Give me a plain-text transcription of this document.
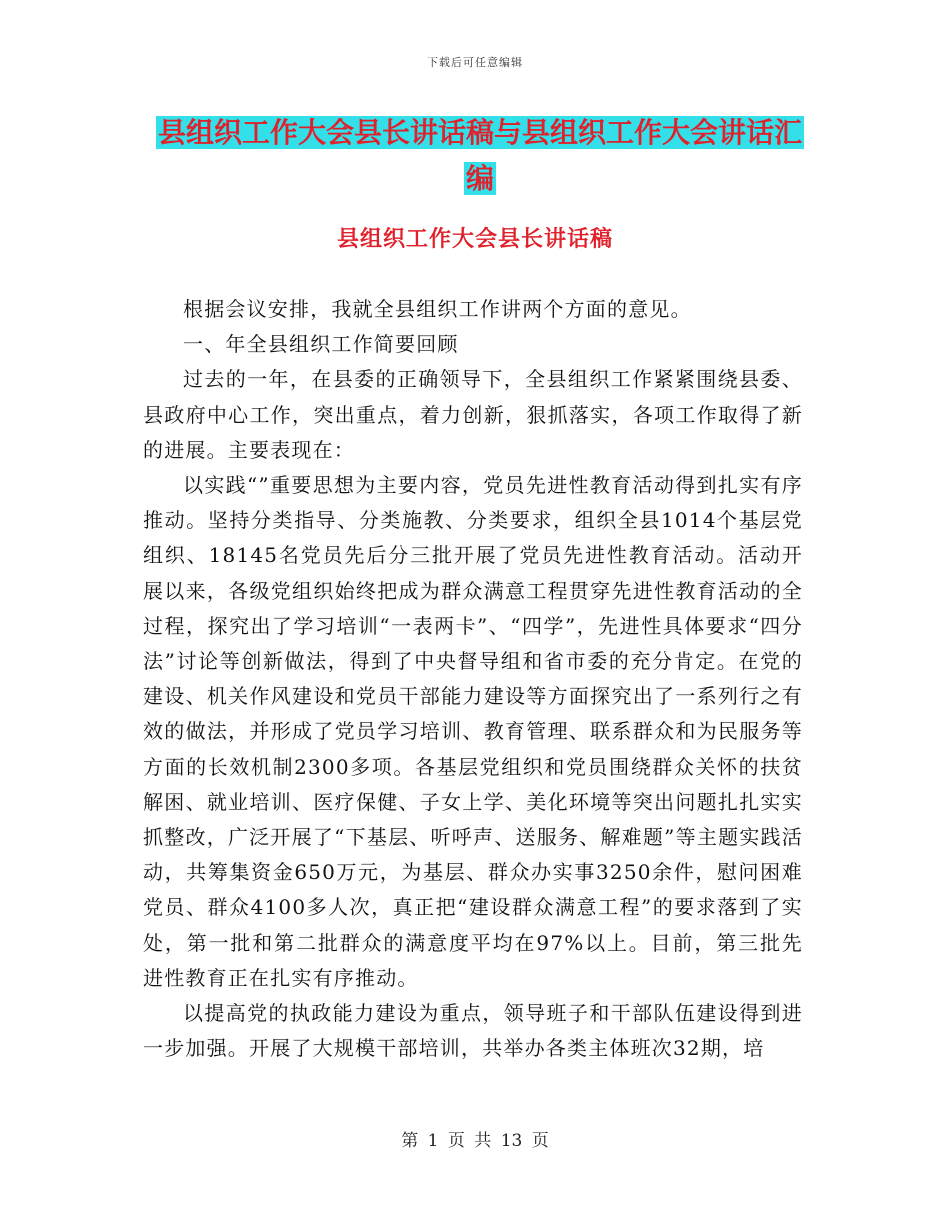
下载后可任意编辑
县组织工作大会县长讲话稿与县组织工作大会讲话汇
编
县组织工作大会县长讲话稿

根据会议安排，我就全县组织工作讲两个方面的意见。

一、年全县组织工作简要回顾

过去的一年，在县委的正确领导下，全县组织工作紧紧围绕县委、县政府中心工作，突出重点，着力创新，狠抓落实，各项工作取得了新的进展。主要表现在：

以实践“”重要思想为主要内容，党员先进性教育活动得到扎实有序推动。坚持分类指导、分类施教、分类要求，组织全县1014个基层党组织、18145名党员先后分三批开展了党员先进性教育活动。活动开展以来，各级党组织始终把成为群众满意工程贯穿先进性教育活动的全过程，探究出了学习培训“一表两卡”、“四学”，先进性具体要求“四分法”讨论等创新做法，得到了中央督导组和省市委的充分肯定。在党的建设、机关作风建设和党员干部能力建设等方面探究出了一系列行之有效的做法，并形成了党员学习培训、教育管理、联系群众和为民服务等方面的长效机制2300多项。各基层党组织和党员围绕群众关怀的扶贫解困、就业培训、医疗保健、子女上学、美化环境等突出问题扎扎实实抓整改，广泛开展了“下基层、听呼声、送服务、解难题”等主题实践活动，共筹集资金650万元，为基层、群众办实事3250余件，慰问困难党员、群众4100多人次，真正把“建设群众满意工程”的要求落到了实处，第一批和第二批群众的满意度平均在97%以上。目前，第三批先进性教育正在扎实有序推动。

以提高党的执政能力建设为重点，领导班子和干部队伍建设得到进一步加强。开展了大规模干部培训，共举办各类主体班次32期，培

第 1 页 共 13 页
